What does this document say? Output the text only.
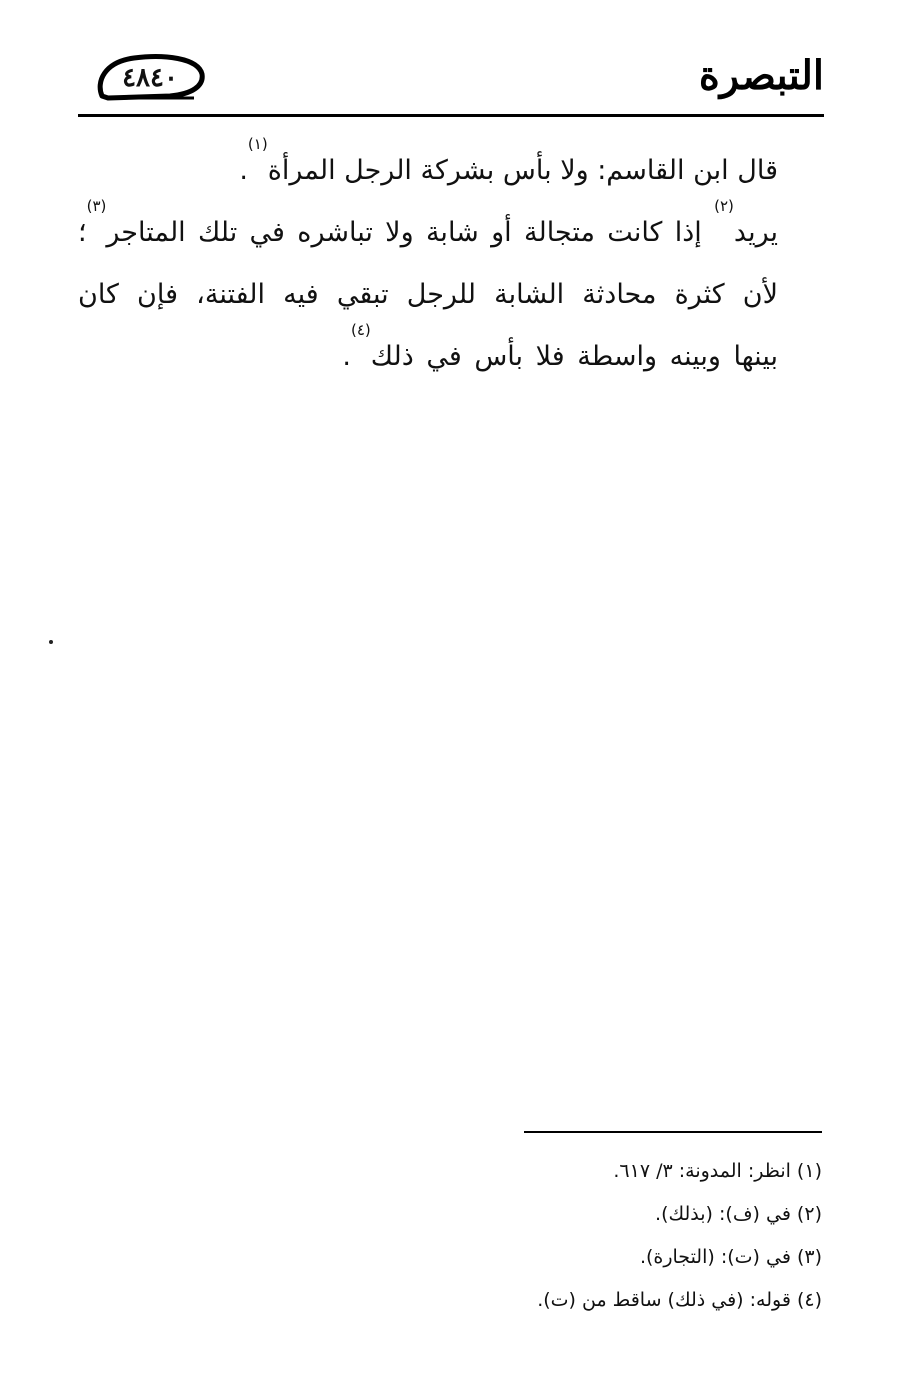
٤٨٤٠	التبصرة

قال ابن القاسم: ولا بأس بشركة الرجل المرأة$^{(١)}$.

يريد$^{(٢)}$ إذا كانت متجالة أو شابة ولا تباشره في تلك المتاجر$^{(٣)}$؛ لأن كثرة محادثة الشابة للرجل تبقي فيه الفتنة، فإن كان بينها وبينه واسطة فلا بأس في ذلك$^{(٤)}$.

(١) انظر: المدونة: ٣/ ٦١٧.

(٢) في (ف): (بذلك).

(٣) في (ت): (التجارة).

(٤) قوله: (في ذلك) ساقط من (ت).
